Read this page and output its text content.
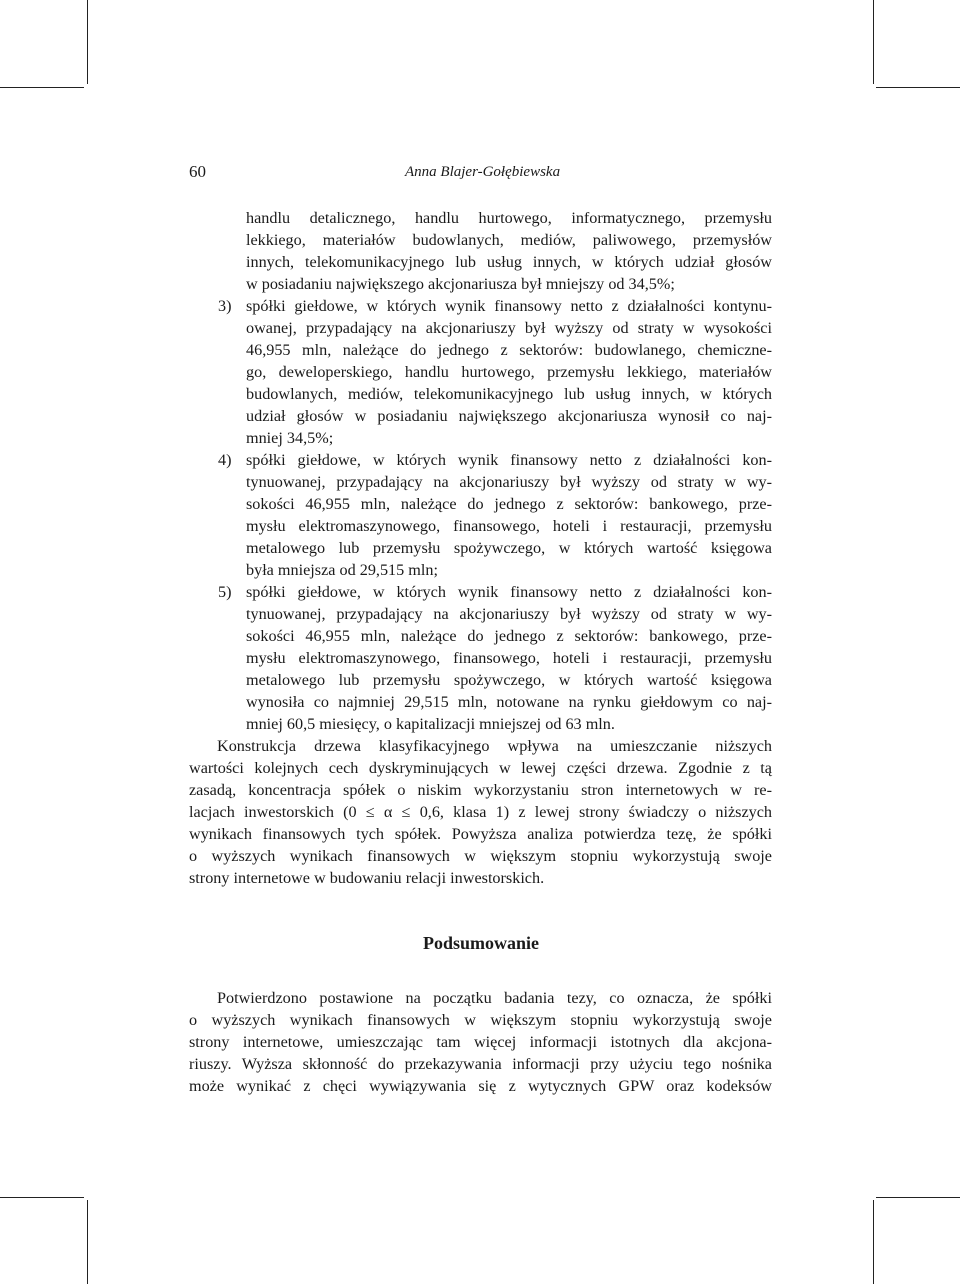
60	Anna Blajer-Gołębiewska
handlu detalicznego, handlu hurtowego, informatycznego, przemysłu
lekkiego, materiałów budowlanych, mediów, paliwowego, przemysłów
innych, telekomunikacyjnego lub usług innych, w których udział głosów
w posiadaniu największego akcjonariusza był mniejszy od 34,5%;
3) spółki giełdowe, w których wynik finansowy netto z działalności kontynu-
owanej, przypadający na akcjonariuszy był wyższy od straty w wysokości
46,955 mln, należące do jednego z sektorów: budowlanego, chemiczne-
go, deweloperskiego, handlu hurtowego, przemysłu lekkiego, materiałów
budowlanych, mediów, telekomunikacyjnego lub usług innych, w których
udział głosów w posiadaniu największego akcjonariusza wynosił co naj-
mniej 34,5%;
4) spółki giełdowe, w których wynik finansowy netto z działalności kon-
tynuowanej, przypadający na akcjonariuszy był wyższy od straty w wy-
sokości 46,955 mln, należące do jednego z sektorów: bankowego, prze-
mysłu elektromaszynowego, finansowego, hoteli i restauracji, przemysłu
metalowego lub przemysłu spożywczego, w których wartość księgowa
była mniejsza od 29,515 mln;
5) spółki giełdowe, w których wynik finansowy netto z działalności kon-
tynuowanej, przypadający na akcjonariuszy był wyższy od straty w wy-
sokości 46,955 mln, należące do jednego z sektorów: bankowego, prze-
mysłu elektromaszynowego, finansowego, hoteli i restauracji, przemysłu
metalowego lub przemysłu spożywczego, w których wartość księgowa
wynosiła co najmniej 29,515 mln, notowane na rynku giełdowym co naj-
mniej 60,5 miesięcy, o kapitalizacji mniejszej od 63 mln.
Konstrukcja drzewa klasyfikacyjnego wpływa na umieszczanie niższych
wartości kolejnych cech dyskryminujących w lewej części drzewa. Zgodnie z tą
zasadą, koncentracja spółek o niskim wykorzystaniu stron internetowych w re-
lacjach inwestorskich (0 ≤ α ≤ 0,6, klasa 1) z lewej strony świadczy o niższych
wynikach finansowych tych spółek. Powyższa analiza potwierdza tezę, że spółki
o wyższych wynikach finansowych w większym stopniu wykorzystują swoje
strony internetowe w budowaniu relacji inwestorskich.
Podsumowanie
Potwierdzono postawione na początku badania tezy, co oznacza, że spółki
o wyższych wynikach finansowych w większym stopniu wykorzystują swoje
strony internetowe, umieszczając tam więcej informacji istotnych dla akcjona-
riuszy. Wyższa skłonność do przekazywania informacji przy użyciu tego nośnika
może wynikać z chęci wywiązywania się z wytycznych GPW oraz kodeksów
